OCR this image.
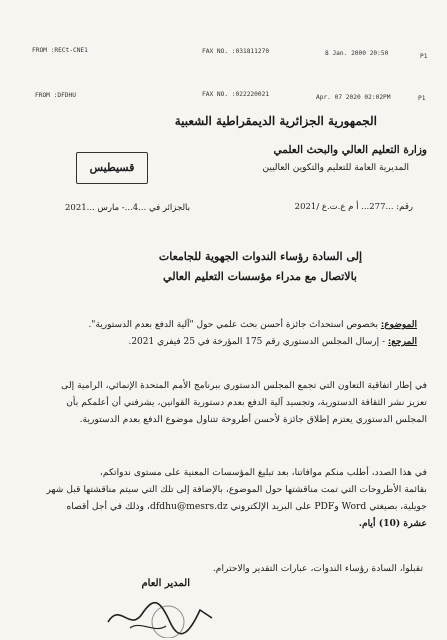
FROM :RECt-CNE1	FAX NO. :031811270	8 Jan. 2000 20:50	P1
FROM :DFDHU	FAX NO. :022220021	Apr. 07 2020 02:02PM	P1
الجمهورية الجزائرية الديمقراطية الشعبية
وزارة التعليم العالي والبحث العلمي
المديرية العامة للتعليم والتكوين العاليين
قسيطيس
رقم: ...277... أ م ع.ت.ع /2021
بالجزائر في ...4...- مارس ...2021
إلى السادة رؤساء الندوات الجهوية للجامعات
بالاتصال مع مدراء مؤسسات التعليم العالي
الموضوع: بخصوص استحداث جائزة أحسن بحث علمي حول "آلية الدفع بعدم الدستورية".
المرجع: - إرسال المجلس الدستوري رقم 175 المؤرخة في 25 فيفري 2021.
في إطار اتفاقية التعاون التي تجمع المجلس الدستوري ببرنامج الأمم المتحدة الإنمائي، الرامية إلى
تعزيز نشر الثقافة الدستورية، وتجسيد آلية الدفع بعدم دستورية القوانين، يشرفني أن أعلمكم بأن
المجلس الدستوري يعتزم إطلاق جائزة لأحسن أطروحة تتناول موضوع الدفع بعدم الدستورية.
في هذا الصدد، أطلب منكم موافاتنا، بعد تبليغ المؤسسات المعنية على مستوى ندواتكم،
بقائمة الأطروحات التي تمت مناقشتها حول الموضوع، بالإضافة إلى تلك التي سيتم مناقشتها قبل شهر
جويلية، بصيغتي Word وPDF على البريد الإلكتروني dfdhu@mesrs.dz، وذلك في أجل أقصاه
عشرة (10) أيام.
تقبلوا، السادة رؤساء الندوات، عبارات التقدير والاحترام.
المدير العام
